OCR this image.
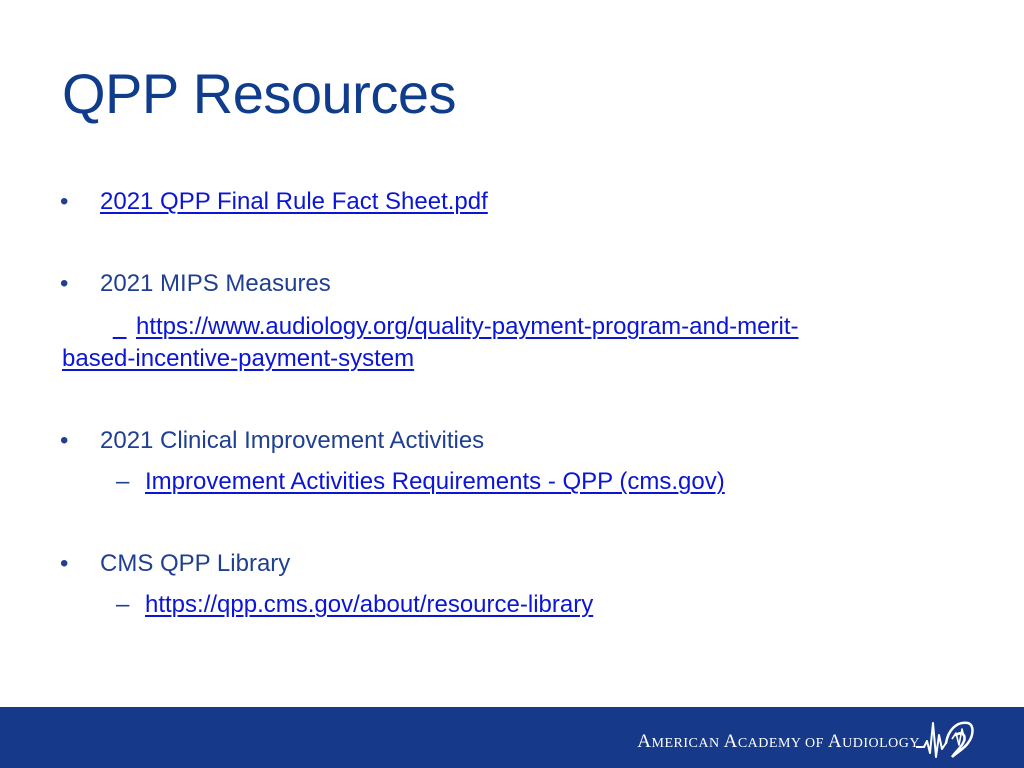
QPP Resources
• 2021 QPP Final Rule Fact Sheet.pdf
• 2021 MIPS Measures
_ https://www.audiology.org/quality-payment-program-and-merit-
based-incentive-payment-system
• 2021 Clinical Improvement Activities
– Improvement Activities Requirements - QPP (cms.gov)
• CMS QPP Library
– https://qpp.cms.gov/about/resource-library
AMERICAN ACADEMY OF AUDIOLOGY
